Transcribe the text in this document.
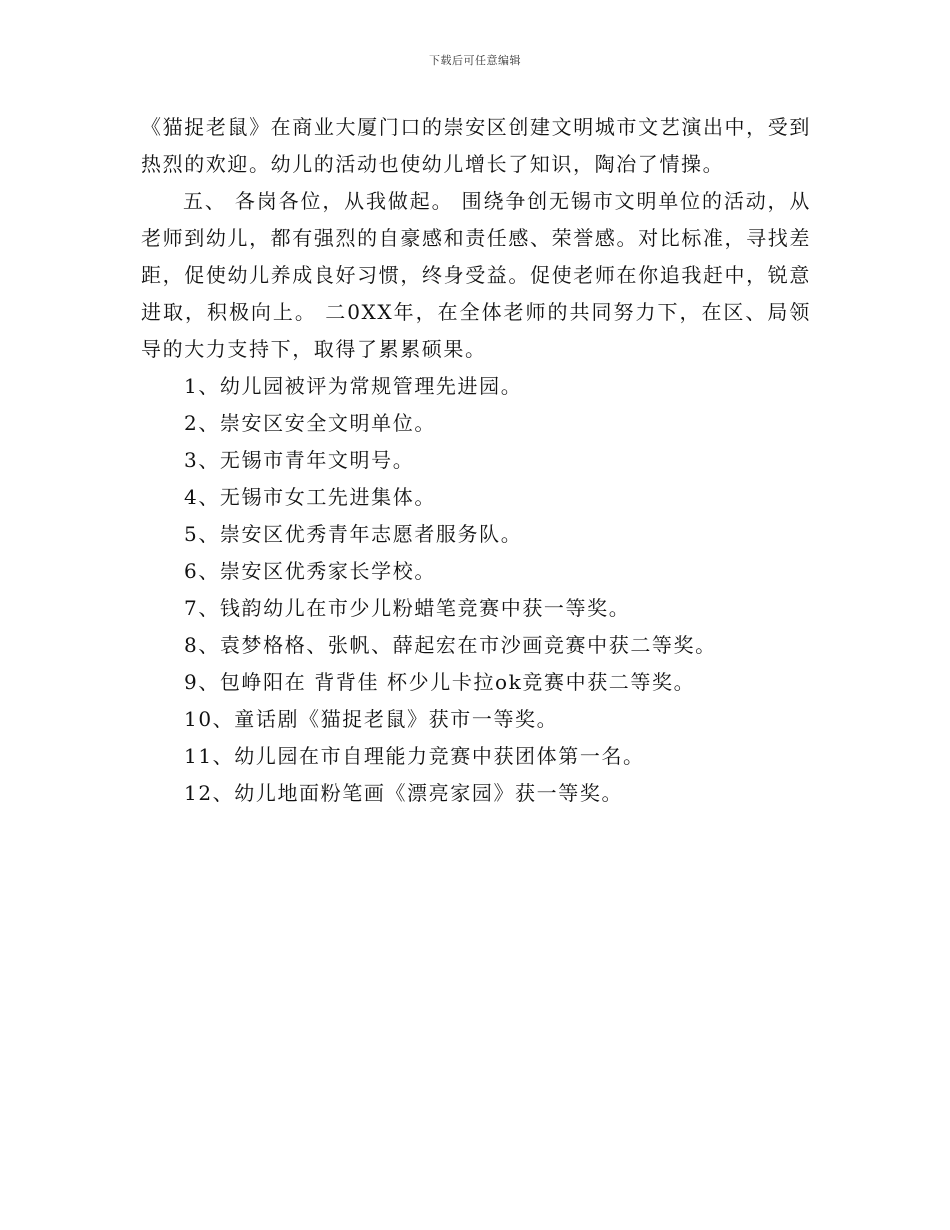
下载后可任意编辑

《猫捉老鼠》在商业大厦门口的崇安区创建文明城市文艺演出中，受到热烈的欢迎。幼儿的活动也使幼儿增长了知识，陶冶了情操。

五、 各岗各位，从我做起。 围绕争创无锡市文明单位的活动，从老师到幼儿，都有强烈的自豪感和责任感、荣誉感。对比标准，寻找差距，促使幼儿养成良好习惯，终身受益。促使老师在你追我赶中，锐意进取，积极向上。 二0XX年，在全体老师的共同努力下，在区、局领导的大力支持下，取得了累累硕果。

1、幼儿园被评为常规管理先进园。
2、崇安区安全文明单位。
3、无锡市青年文明号。
4、无锡市女工先进集体。
5、崇安区优秀青年志愿者服务队。
6、崇安区优秀家长学校。
7、钱韵幼儿在市少儿粉蜡笔竞赛中获一等奖。
8、袁梦格格、张帆、薛起宏在市沙画竞赛中获二等奖。
9、包峥阳在 背背佳 杯少儿卡拉ok竞赛中获二等奖。
10、童话剧《猫捉老鼠》获市一等奖。
11、幼儿园在市自理能力竞赛中获团体第一名。
12、幼儿地面粉笔画《漂亮家园》获一等奖。
